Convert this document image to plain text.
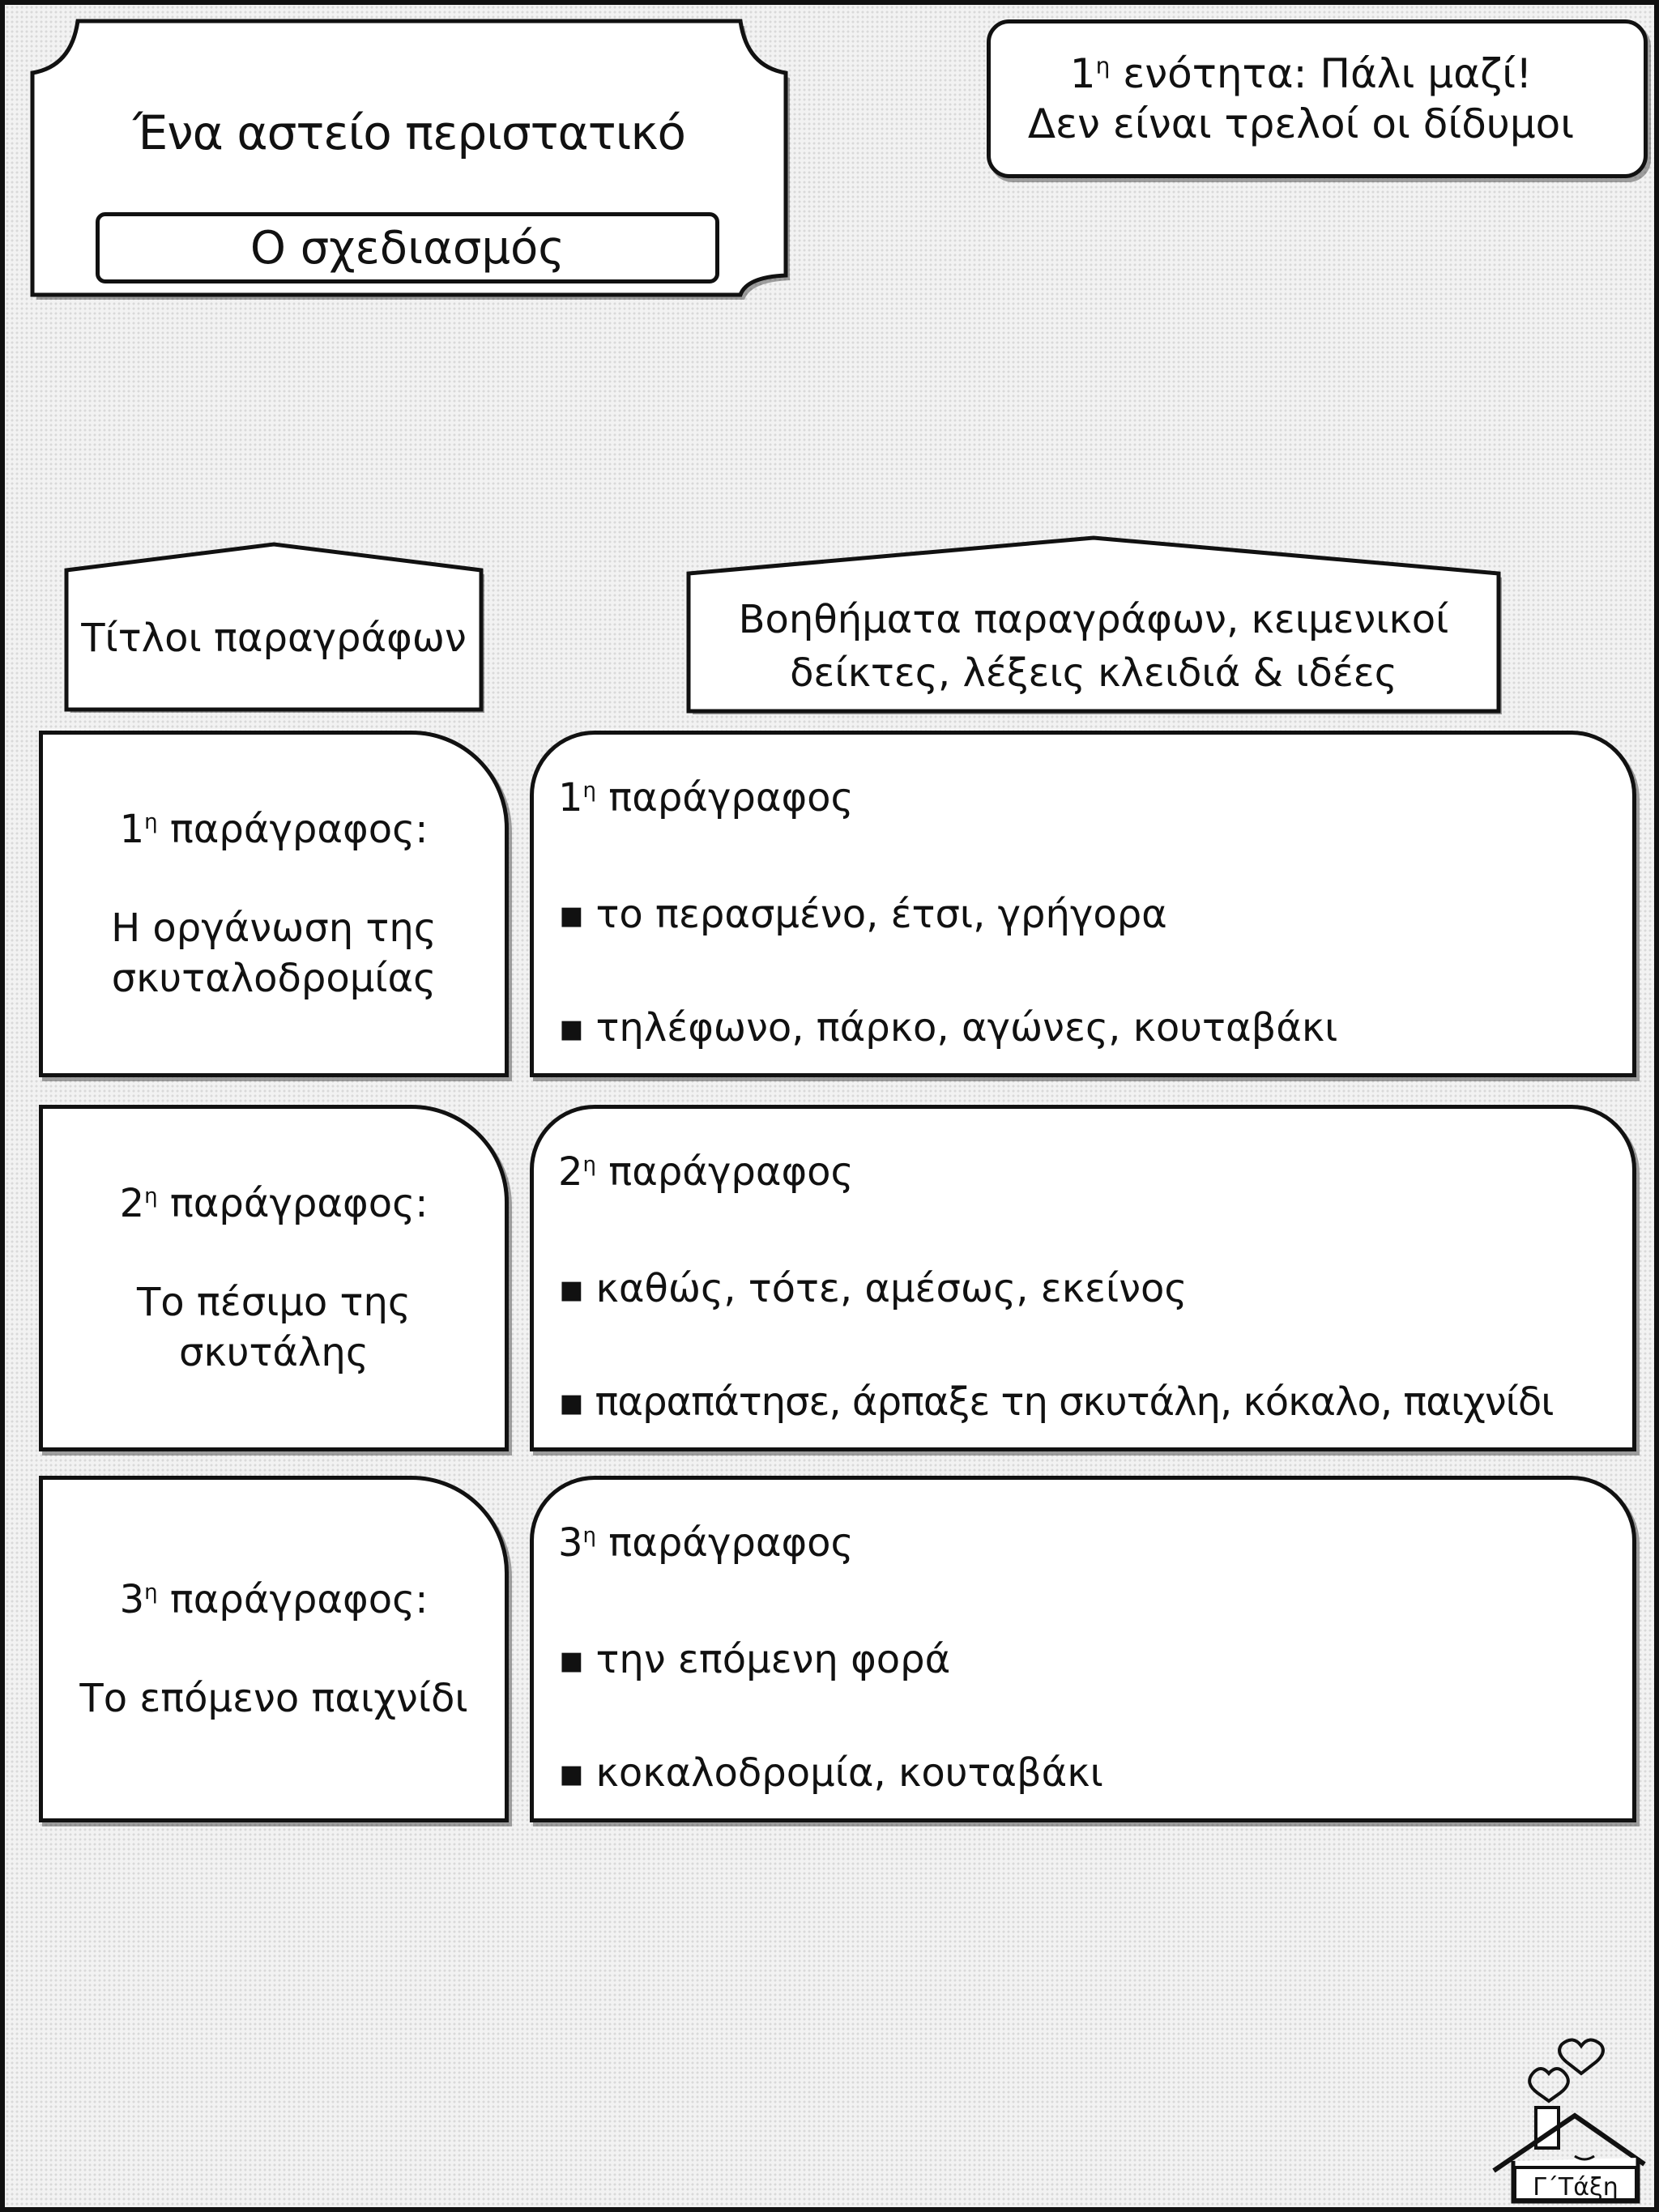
Ένα αστείο περιστατικό
Ο σχεδιασμός
$1^\eta$ ενότητα: Πάλι μαζί!
Δεν είναι τρελοί οι δίδυμοι
Τίτλοι παραγράφων	Βοηθήματα παραγράφων, κειμενικοί
δείκτες, λέξεις κλειδιά & ιδέες
$1^\eta$ παράγραφος:
Η οργάνωση της
σκυταλοδρομίας
$1^\eta$ παράγραφος
▪ το περασμένο, έτσι, γρήγορα
▪ τηλέφωνο, πάρκο, αγώνες, κουταβάκι
$2^\eta$ παράγραφος:
Το πέσιμο της
σκυτάλης
$2^\eta$ παράγραφος
▪ καθώς, τότε, αμέσως, εκείνος
▪ παραπάτησε, άρπαξε τη σκυτάλη, κόκαλο, παιχνίδι
$3^\eta$ παράγραφος:
Το επόμενο παιχνίδι
$3^\eta$ παράγραφος
▪ την επόμενη φορά
▪ κοκαλοδρομία, κουταβάκι
Γ΄Τάξη
